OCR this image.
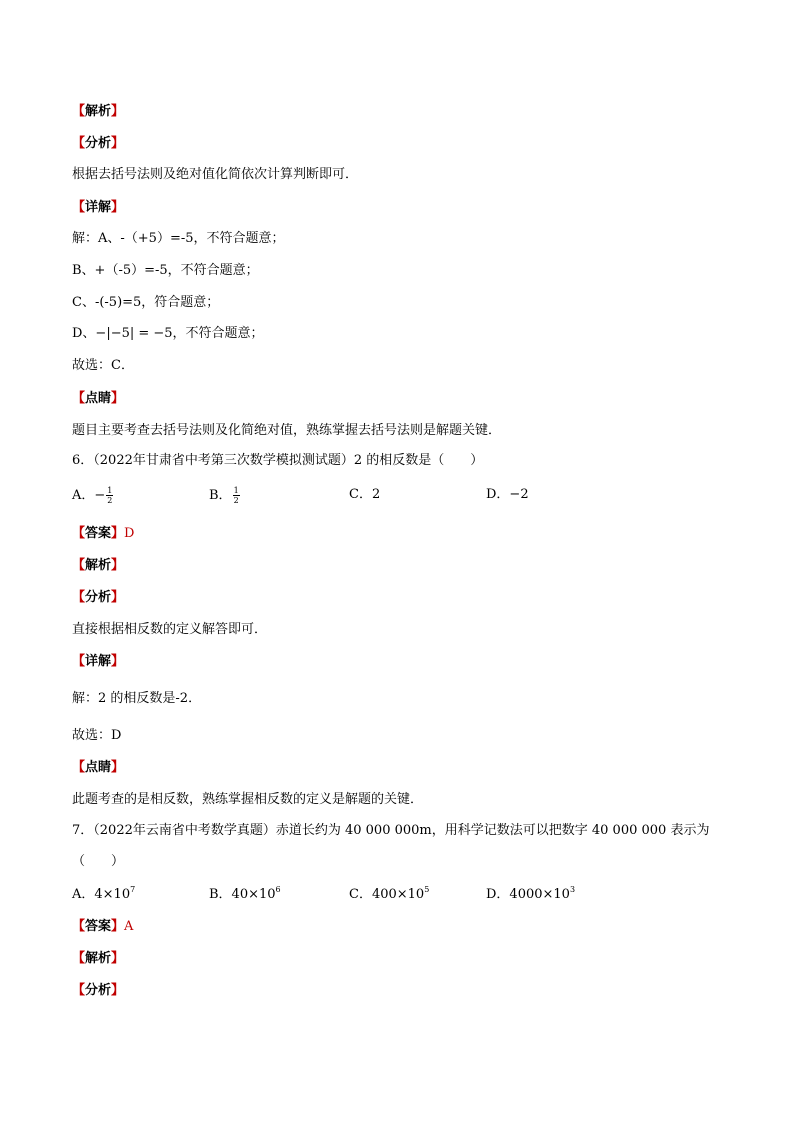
【解析】
【分析】
根据去括号法则及绝对值化简依次计算判断即可．
【详解】
解：A、-（+5）=-5，不符合题意；
B、+（-5）=-5，不符合题意；
C、-(-5)=5，符合题意；
D、−|−5| = −5，不符合题意；
故选：C．
【点睛】
题目主要考查去括号法则及化简绝对值，熟练掌握去括号法则是解题关键．
6．（2022年甘肃省中考第三次数学模拟测试题）2 的相反数是（　　）
A．− $\frac{1}{2}$	B． $\frac{1}{2}$	C．2	D．−2
【答案】D
【解析】
【分析】
直接根据相反数的定义解答即可．
【详解】
解：2 的相反数是-2．
故选：D
【点睛】
此题考查的是相反数，熟练掌握相反数的定义是解题的关键．
7．（2022年云南省中考数学真题）赤道长约为 40 000 000m，用科学记数法可以把数字 40 000 000 表示为
（　　）
A．$4\times 10^7$	B．$40\times 10^6$	C．$400\times 10^5$	D．$4000\times 10^3$
【答案】A
【解析】
【分析】
